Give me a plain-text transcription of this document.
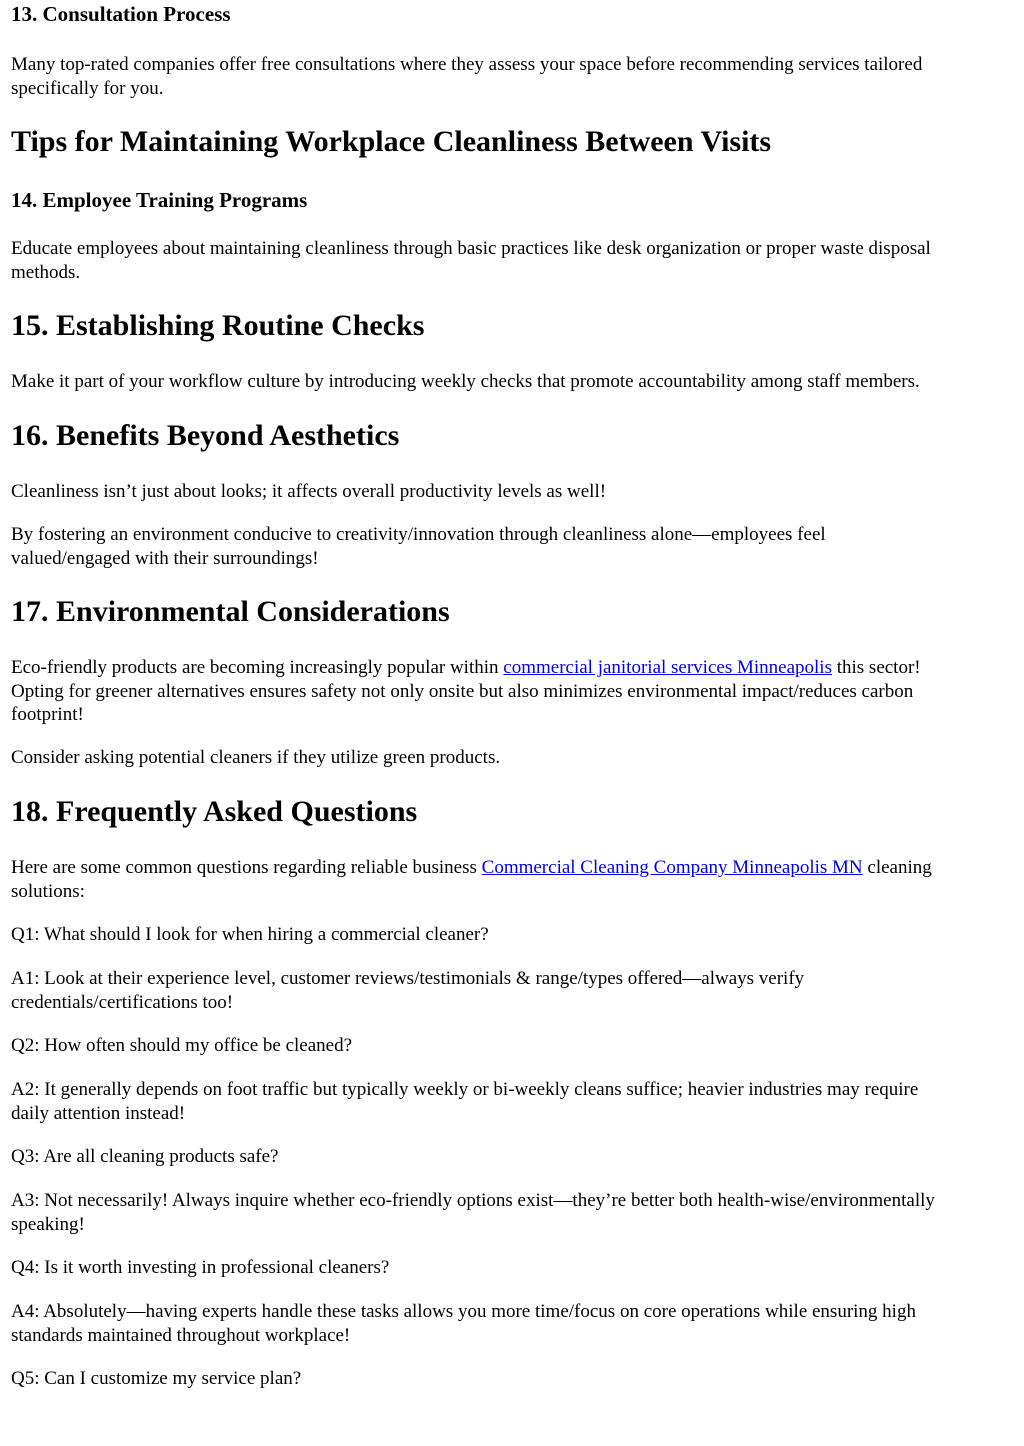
13. Consultation Process

Many top-rated companies offer free consultations where they assess your space before recommending services tailored
specifically for you.

Tips for Maintaining Workplace Cleanliness Between Visits
14. Employee Training Programs

Educate employees about maintaining cleanliness through basic practices like desk organization or proper waste disposal
methods.

15. Establishing Routine Checks

Make it part of your workflow culture by introducing weekly checks that promote accountability among staff members.

16. Benefits Beyond Aesthetics

Cleanliness isn’t just about looks; it affects overall productivity levels as well!

By fostering an environment conducive to creativity/innovation through cleanliness alone—employees feel
valued/engaged with their surroundings!

17. Environmental Considerations

Eco-friendly products are becoming increasingly popular within commercial janitorial services Minneapolis this sector!
Opting for greener alternatives ensures safety not only onsite but also minimizes environmental impact/reduces carbon
footprint!

Consider asking potential cleaners if they utilize green products.

18. Frequently Asked Questions

Here are some common questions regarding reliable business Commercial Cleaning Company Minneapolis MN cleaning
solutions:

Q1: What should I look for when hiring a commercial cleaner?

A1: Look at their experience level, customer reviews/testimonials & range/types offered—always verify
credentials/certifications too!

Q2: How often should my office be cleaned?

A2: It generally depends on foot traffic but typically weekly or bi-weekly cleans suffice; heavier industries may require
daily attention instead!

Q3: Are all cleaning products safe?

A3: Not necessarily! Always inquire whether eco-friendly options exist—they’re better both health-wise/environmentally
speaking!

Q4: Is it worth investing in professional cleaners?

A4: Absolutely—having experts handle these tasks allows you more time/focus on core operations while ensuring high
standards maintained throughout workplace!

Q5: Can I customize my service plan?
